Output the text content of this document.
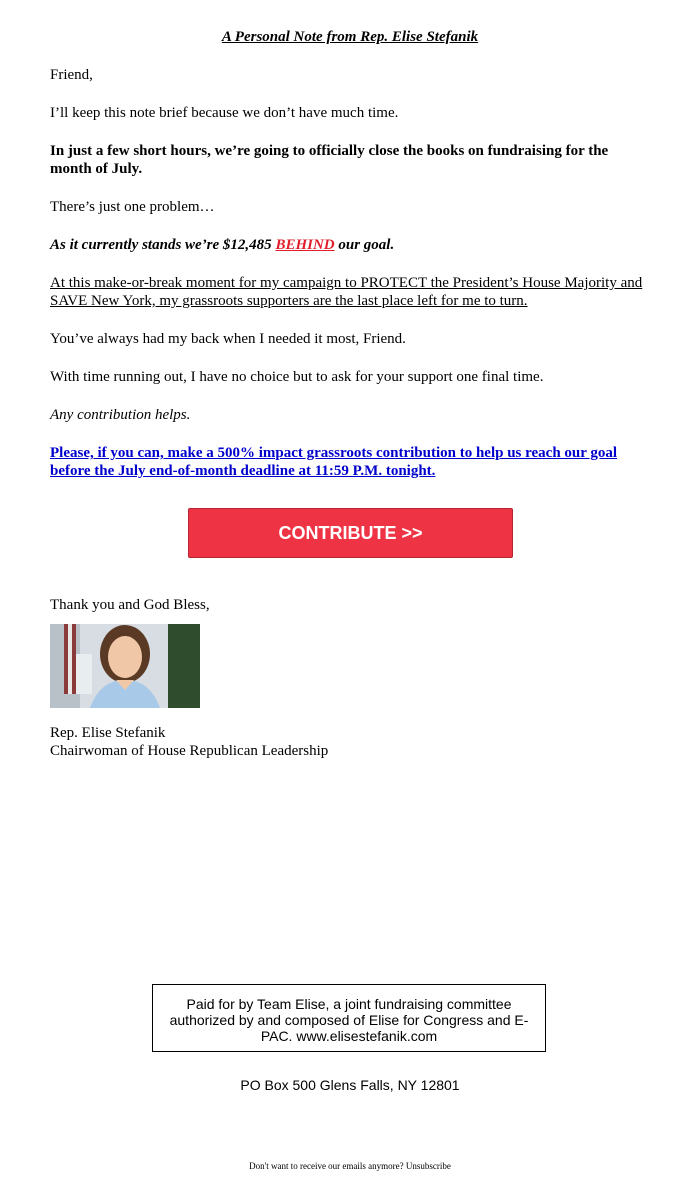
A Personal Note from Rep. Elise Stefanik

Friend,

I’ll keep this note brief because we don’t have much time.

In just a few short hours, we’re going to officially close the books on fundraising for the month of July.

There’s just one problem…

As it currently stands we’re $12,485 BEHIND our goal.

At this make-or-break moment for my campaign to PROTECT the President’s House Majority and SAVE New York, my grassroots supporters are the last place left for me to turn.

You’ve always had my back when I needed it most, Friend.

With time running out, I have no choice but to ask for your support one final time.

Any contribution helps.

Please, if you can, make a 500% impact grassroots contribution to help us reach our goal before the July end-of-month deadline at 11:59 P.M. tonight.

CONTRIBUTE >>
Thank you and God Bless,
Rep. Elise Stefanik
Chairwoman of House Republican Leadership
Paid for by Team Elise, a joint fundraising committee authorized by and composed of Elise for Congress and E-PAC. www.elisestefanik.com
PO Box 500 Glens Falls, NY 12801
Don't want to receive our emails anymore? Unsubscribe
